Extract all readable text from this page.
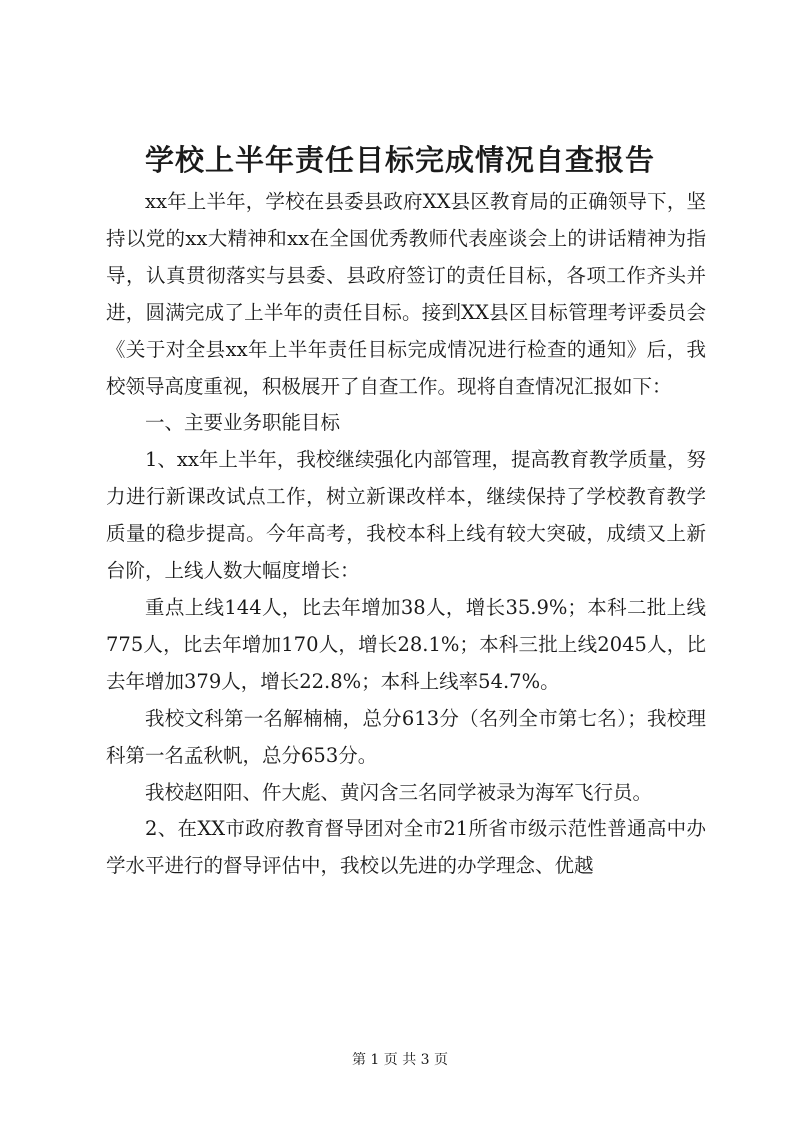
学校上半年责任目标完成情况自查报告

xx年上半年，学校在县委县政府XX县区教育局的正确领导下，坚持以党的xx大精神和xx在全国优秀教师代表座谈会上的讲话精神为指导，认真贯彻落实与县委、县政府签订的责任目标，各项工作齐头并进，圆满完成了上半年的责任目标。接到XX县区目标管理考评委员会《关于对全县xx年上半年责任目标完成情况进行检查的通知》后，我校领导高度重视，积极展开了自查工作。现将自查情况汇报如下：

一、主要业务职能目标

1、xx年上半年，我校继续强化内部管理，提高教育教学质量，努力进行新课改试点工作，树立新课改样本，继续保持了学校教育教学质量的稳步提高。今年高考，我校本科上线有较大突破，成绩又上新台阶，上线人数大幅度增长：

重点上线144人，比去年增加38人，增长35.9%；本科二批上线775人，比去年增加170人，增长28.1%；本科三批上线2045人，比去年增加379人，增长22.8%；本科上线率54.7%。

我校文科第一名解楠楠，总分613分（名列全市第七名）；我校理科第一名孟秋帆，总分653分。

我校赵阳阳、仵大彪、黄闪含三名同学被录为海军飞行员。

2、在XX市政府教育督导团对全市21所省市级示范性普通高中办学水平进行的督导评估中，我校以先进的办学理念、优越

第 1 页 共 3 页
